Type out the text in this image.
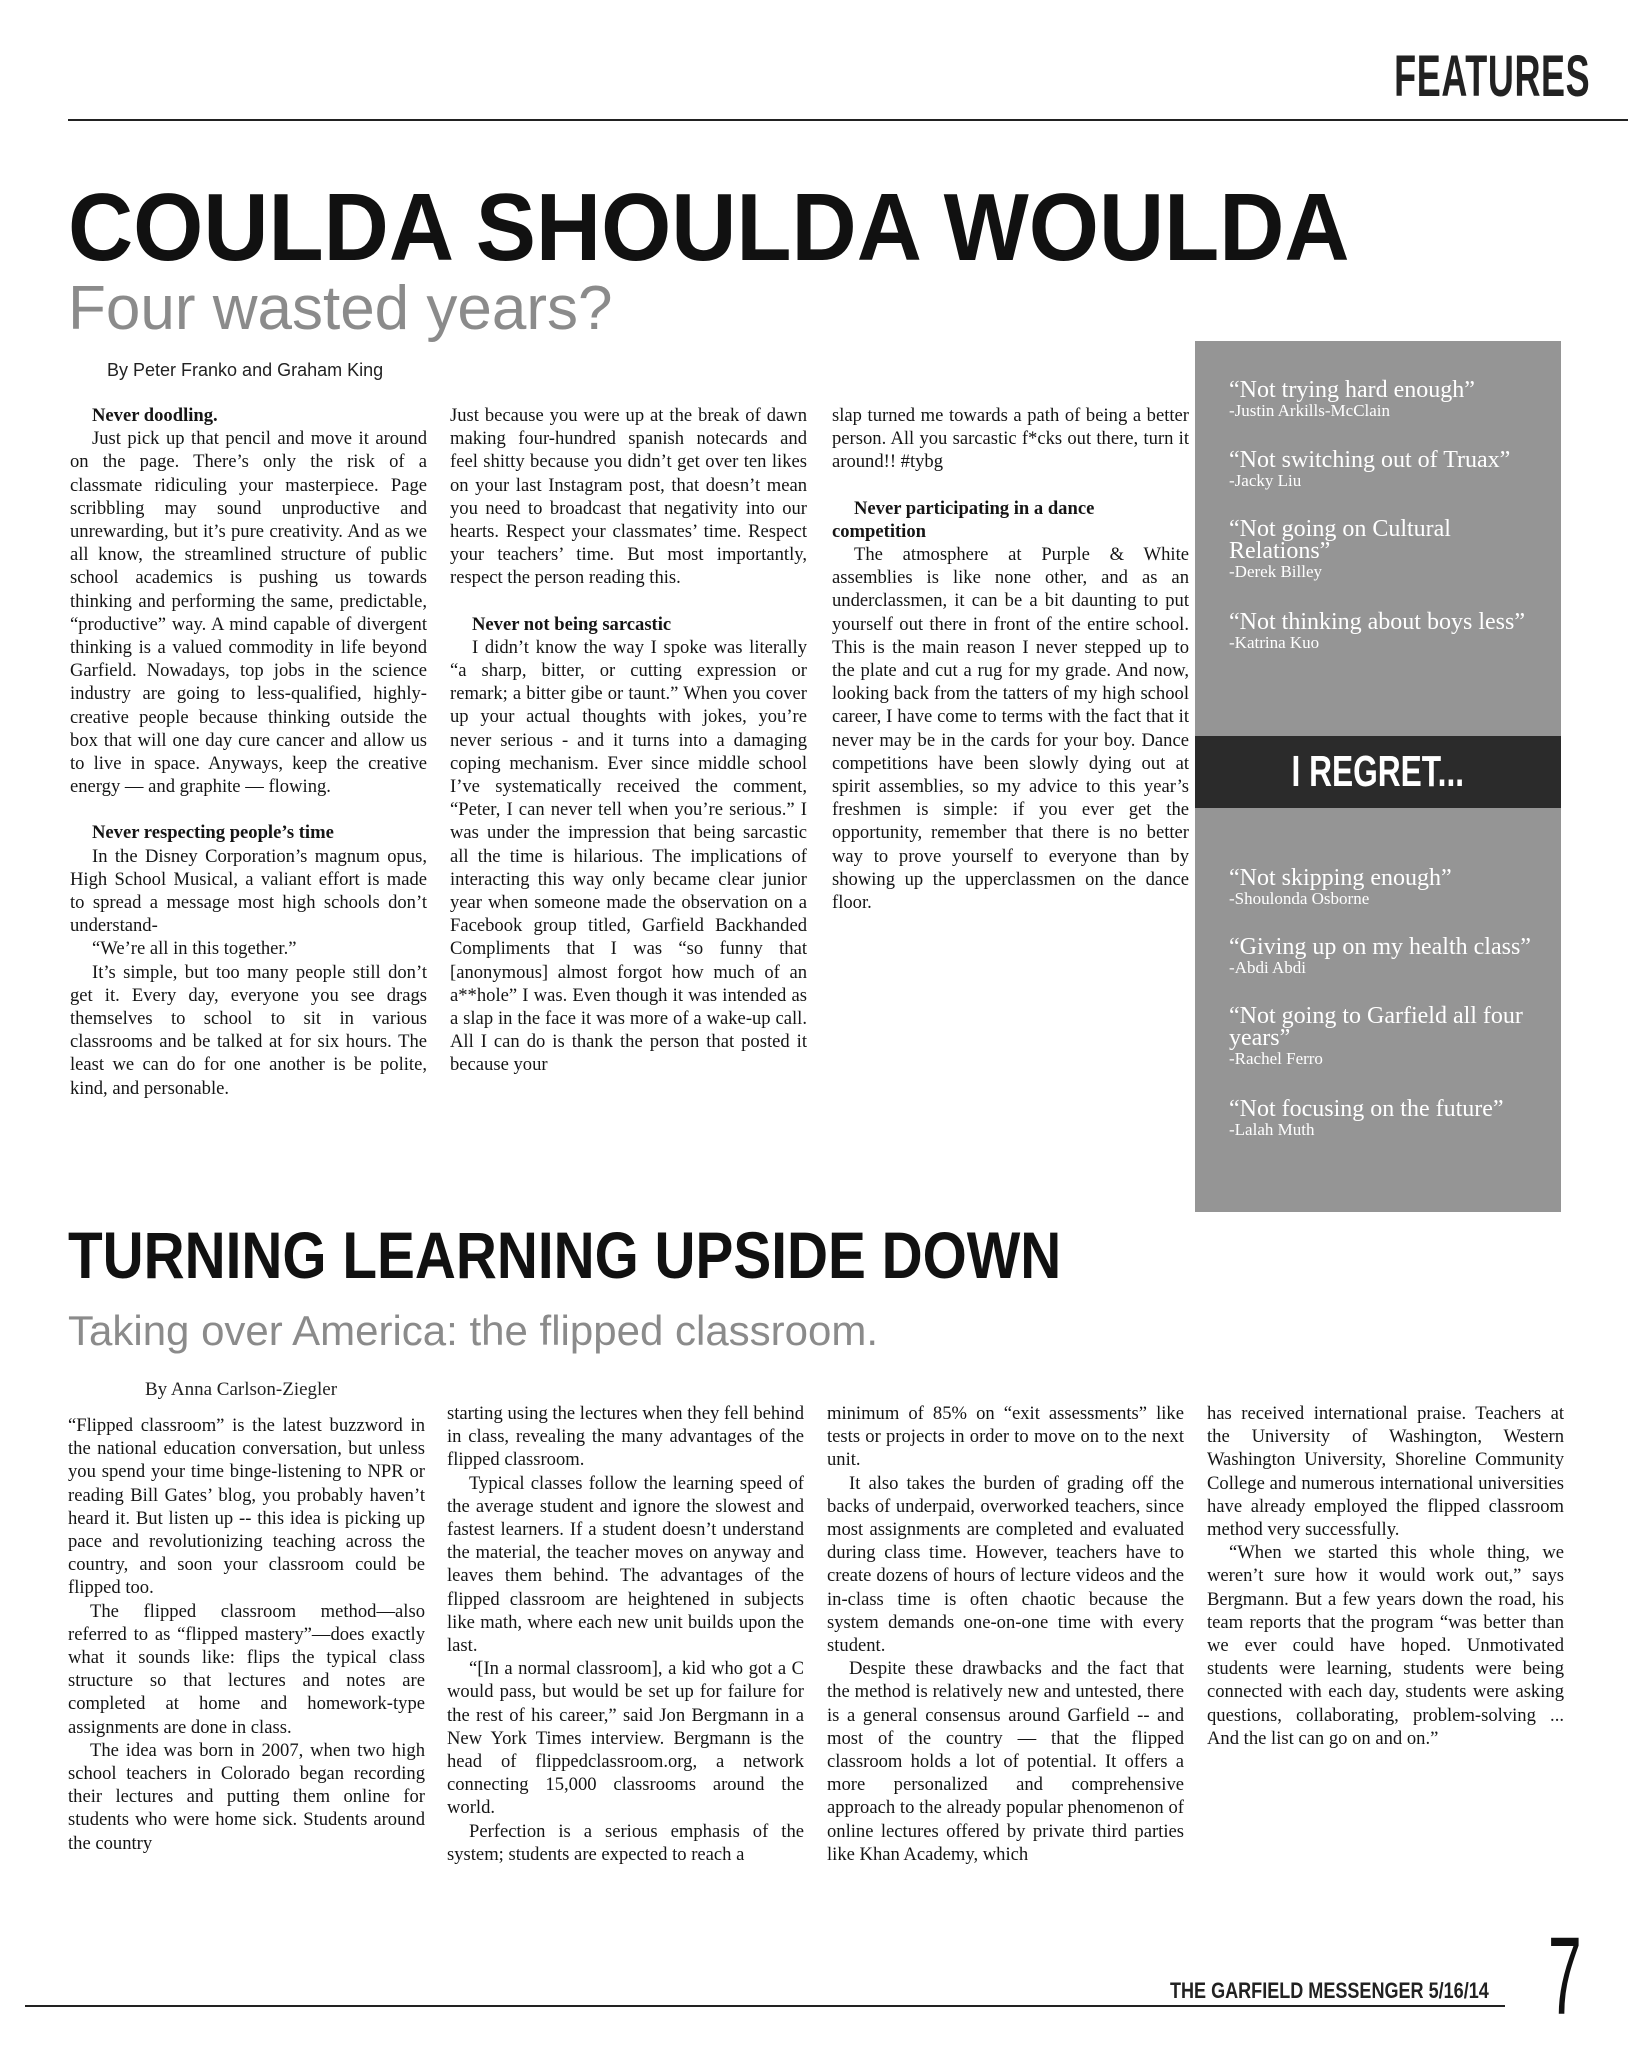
FEATURES
COULDA SHOULDA WOULDA
Four wasted years?
By Peter Franko and Graham King
Never doodling.

Just pick up that pencil and move it around on the page. There’s only the risk of a classmate ridiculing your masterpiece. Page scribbling may sound unproductive and unrewarding, but it’s pure creativity. And as we all know, the streamlined structure of public school academics is pushing us towards thinking and performing the same, predictable, “productive” way. A mind capable of divergent thinking is a valued commodity in life beyond Garfield. Nowadays, top jobs in the science industry are going to less-qualified, highly-creative people because thinking outside the box that will one day cure cancer and allow us to live in space. Anyways, keep the creative energy — and graphite — flowing.

Never respecting people’s time

In the Disney Corporation’s magnum opus, High School Musical, a valiant effort is made to spread a message most high schools don’t understand-

“We’re all in this together.”

It’s simple, but too many people still don’t get it. Every day, everyone you see drags themselves to school to sit in various classrooms and be talked at for six hours. The least we can do for one another is be polite, kind, and personable.

Just because you were up at the break of dawn making four-hundred spanish notecards and feel shitty because you didn’t get over ten likes on your last Instagram post, that doesn’t mean you need to broadcast that negativity into our hearts. Respect your classmates’ time. Respect your teachers’ time. But most importantly, respect the person reading this.

Never not being sarcastic

I didn’t know the way I spoke was literally “a sharp, bitter, or cutting expression or remark; a bitter gibe or taunt.” When you cover up your actual thoughts with jokes, you’re never serious - and it turns into a damaging coping mechanism. Ever since middle school I’ve systematically received the comment, “Peter, I can never tell when you’re serious.” I was under the impression that being sarcastic all the time is hilarious. The implications of interacting this way only became clear junior year when someone made the observation on a Facebook group titled, Garfield Backhanded Compliments that I was “so funny that [anonymous] almost forgot how much of an a**hole” I was. Even though it was intended as a slap in the face it was more of a wake-up call. All I can do is thank the person that posted it because your

slap turned me towards a path of being a better person. All you sarcastic f*cks out there, turn it around!! #tybg

Never participating in a dance competition

The atmosphere at Purple & White assemblies is like none other, and as an underclassmen, it can be a bit daunting to put yourself out there in front of the entire school. This is the main reason I never stepped up to the plate and cut a rug for my grade. And now, looking back from the tatters of my high school career, I have come to terms with the fact that it never may be in the cards for your boy. Dance competitions have been slowly dying out at spirit assemblies, so my advice to this year’s freshmen is simple: if you ever get the opportunity, remember that there is no better way to prove yourself to everyone than by showing up the upperclassmen on the dance floor.

I REGRET...
“Not trying hard enough”
-Justin Arkills-McClain
“Not switching out of Truax”
-Jacky Liu
“Not going on Cultural Relations”
-Derek Billey
“Not thinking about boys less”
-Katrina Kuo
“Not skipping enough”
-Shoulonda Osborne
“Giving up on my health class”
-Abdi Abdi
“Not going to Garfield all four years”
-Rachel Ferro
“Not focusing on the future”
-Lalah Muth
TURNING LEARNING UPSIDE DOWN
Taking over America: the flipped classroom.
By Anna Carlson-Ziegler

“Flipped classroom” is the latest buzzword in the national education conversation, but unless you spend your time binge-listening to NPR or reading Bill Gates’ blog, you probably haven’t heard it. But listen up -- this idea is picking up pace and revolutionizing teaching across the country, and soon your classroom could be flipped too.

The flipped classroom method—also referred to as “flipped mastery”—does exactly what it sounds like: flips the typical class structure so that lectures and notes are completed at home and homework-type assignments are done in class.

The idea was born in 2007, when two high school teachers in Colorado began recording their lectures and putting them online for students who were home sick. Students around the country

starting using the lectures when they fell behind in class, revealing the many advantages of the flipped classroom.

Typical classes follow the learning speed of the average student and ignore the slowest and fastest learners. If a student doesn’t understand the material, the teacher moves on anyway and leaves them behind. The advantages of the flipped classroom are heightened in subjects like math, where each new unit builds upon the last.

“[In a normal classroom], a kid who got a C would pass, but would be set up for failure for the rest of his career,” said Jon Bergmann in a New York Times interview. Bergmann is the head of flippedclassroom.org, a network connecting 15,000 classrooms around the world.

Perfection is a serious emphasis of the system; students are expected to reach a

minimum of 85% on “exit assessments” like tests or projects in order to move on to the next unit.

It also takes the burden of grading off the backs of underpaid, overworked teachers, since most assignments are completed and evaluated during class time. However, teachers have to create dozens of hours of lecture videos and the in-class time is often chaotic because the system demands one-on-one time with every student.

Despite these drawbacks and the fact that the method is relatively new and untested, there is a general consensus around Garfield -- and most of the country — that the flipped classroom holds a lot of potential. It offers a more personalized and comprehensive approach to the already popular phenomenon of online lectures offered by private third parties like Khan Academy, which

has received international praise. Teachers at the University of Washington, Western Washington University, Shoreline Community College and numerous international universities have already employed the flipped classroom method very successfully.

“When we started this whole thing, we weren’t sure how it would work out,” says Bergmann. But a few years down the road, his team reports that the program “was better than we ever could have hoped. Unmotivated students were learning, students were being connected with each day, students were asking questions, collaborating, problem-solving ... And the list can go on and on.”

THE GARFIELD MESSENGER 5/16/14 7
